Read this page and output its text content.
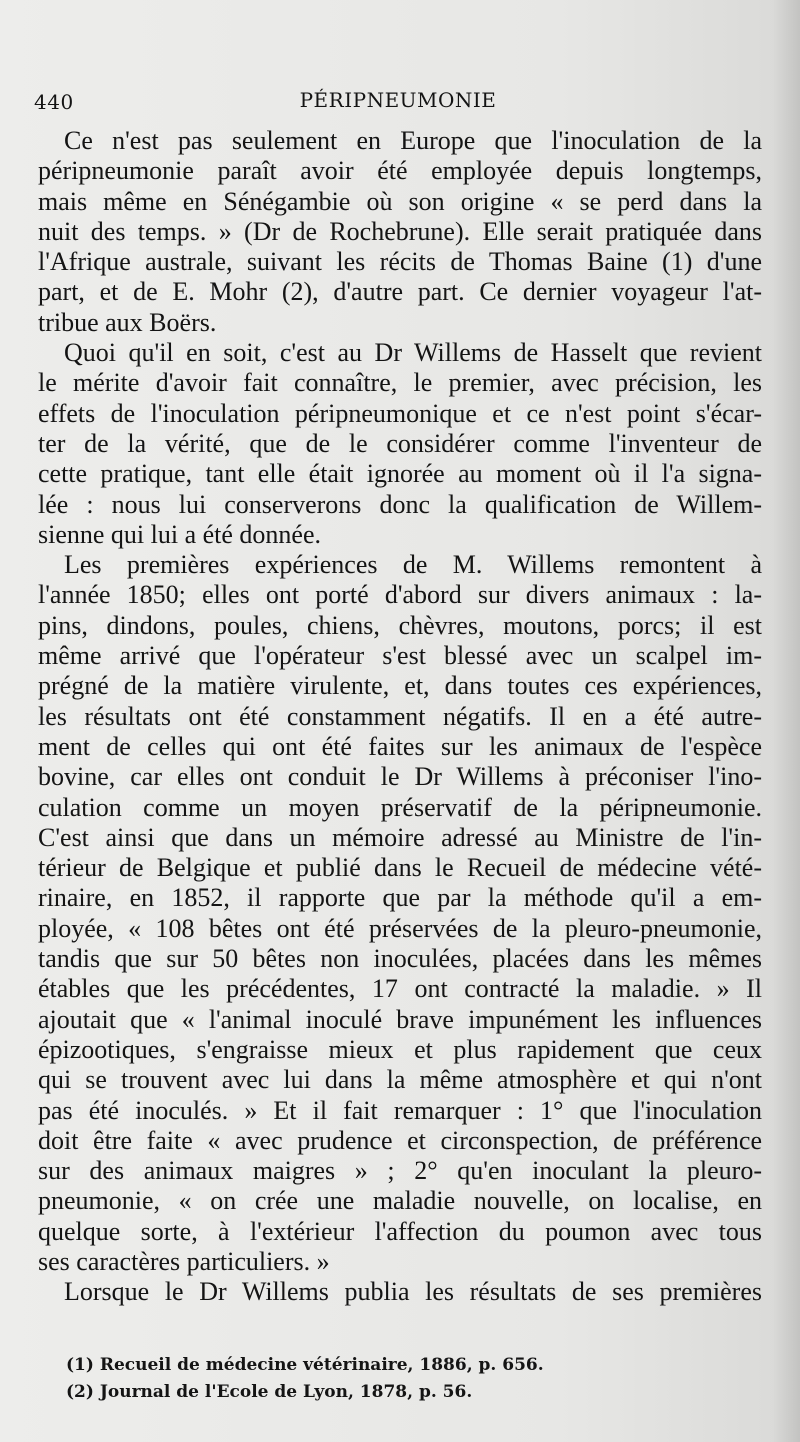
440	PÉRIPNEUMONIE

Ce n'est pas seulement en Europe que l'inoculation de la
péripneumonie paraît avoir été employée depuis longtemps,
mais même en Sénégambie où son origine « se perd dans la
nuit des temps. » (Dr de Rochebrune). Elle serait pratiquée dans
l'Afrique australe, suivant les récits de Thomas Baine (1) d'une
part, et de E. Mohr (2), d'autre part. Ce dernier voyageur l'at-
tribue aux Boërs.

Quoi qu'il en soit, c'est au Dr Willems de Hasselt que revient
le mérite d'avoir fait connaître, le premier, avec précision, les
effets de l'inoculation péripneumonique et ce n'est point s'écar-
ter de la vérité, que de le considérer comme l'inventeur de
cette pratique, tant elle était ignorée au moment où il l'a signa-
lée : nous lui conserverons donc la qualification de Willem-
sienne qui lui a été donnée.

Les premières expériences de M. Willems remontent à
l'année 1850; elles ont porté d'abord sur divers animaux : la-
pins, dindons, poules, chiens, chèvres, moutons, porcs; il est
même arrivé que l'opérateur s'est blessé avec un scalpel im-
prégné de la matière virulente, et, dans toutes ces expériences,
les résultats ont été constamment négatifs. Il en a été autre-
ment de celles qui ont été faites sur les animaux de l'espèce
bovine, car elles ont conduit le Dr Willems à préconiser l'ino-
culation comme un moyen préservatif de la péripneumonie.
C'est ainsi que dans un mémoire adressé au Ministre de l'in-
térieur de Belgique et publié dans le Recueil de médecine vété-
rinaire, en 1852, il rapporte que par la méthode qu'il a em-
ployée, « 108 bêtes ont été préservées de la pleuro-pneumonie,
tandis que sur 50 bêtes non inoculées, placées dans les mêmes
étables que les précédentes, 17 ont contracté la maladie. » Il
ajoutait que « l'animal inoculé brave impunément les influences
épizootiques, s'engraisse mieux et plus rapidement que ceux
qui se trouvent avec lui dans la même atmosphère et qui n'ont
pas été inoculés. » Et il fait remarquer : 1° que l'inoculation
doit être faite « avec prudence et circonspection, de préférence
sur des animaux maigres » ; 2° qu'en inoculant la pleuro-
pneumonie, « on crée une maladie nouvelle, on localise, en
quelque sorte, à l'extérieur l'affection du poumon avec tous
ses caractères particuliers. »

Lorsque le Dr Willems publia les résultats de ses premières

(1) Recueil de médecine vétérinaire, 1886, p. 656.

(2) Journal de l'Ecole de Lyon, 1878, p. 56.
